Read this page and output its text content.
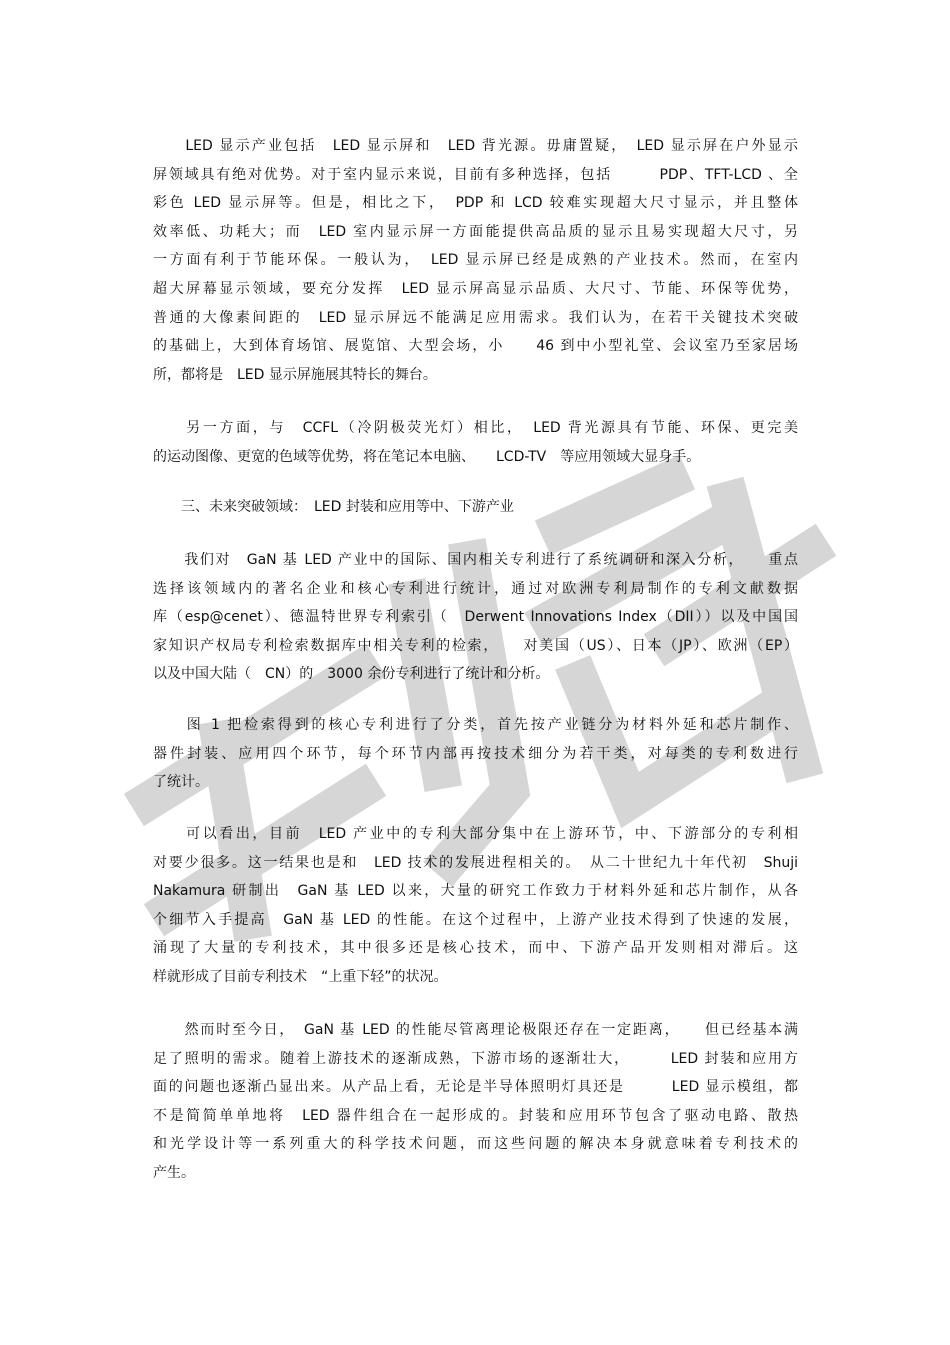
　　LED 显示产业包括　LED 显示屏和　LED 背光源。毋庸置疑，　LED 显示屏在户外显示
屏领域具有绝对优势。对于室内显示来说，目前有多种选择，包括　　　PDP、TFT-LCD 、全
彩色 LED 显示屏等。但是，相比之下，　PDP 和 LCD 较难实现超大尺寸显示，并且整体
效率低、功耗大；而　LED 室内显示屏一方面能提供高品质的显示且易实现超大尺寸，另
一方面有利于节能环保。一般认为，　LED 显示屏已经是成熟的产业技术。然而，在室内
超大屏幕显示领域，要充分发挥　LED 显示屏高显示品质、大尺寸、节能、环保等优势，
普通的大像素间距的　LED 显示屏远不能满足应用需求。我们认为，在若干关键技术突破
的基础上，大到体育场馆、展览馆、大型会场，小　　46 到中小型礼堂、会议室乃至家居场
所，都将是　LED 显示屏施展其特长的舞台。
　　另一方面，与　CCFL（冷阴极荧光灯）相比，　LED 背光源具有节能、环保、更完美
的运动图像、更宽的色域等优势，将在笔记本电脑、　　LCD-TV　等应用领域大显身手。
　　三、未来突破领域：　LED 封装和应用等中、下游产业
　　我们对　GaN 基 LED 产业中的国际、国内相关专利进行了系统调研和深入分析，　　重点
选择该领域内的著名企业和核心专利进行统计，通过对欧洲专利局制作的专利文献数据
库（esp@cenet）、德温特世界专利索引（　Derwent Innovations Index（DII））以及中国国
家知识产权局专利检索数据库中相关专利的检索，　　对美国（US）、日本（JP）、欧洲（EP）
以及中国大陆（　CN）的　3000 余份专利进行了统计和分析。
　　图 1 把检索得到的核心专利进行了分类，首先按产业链分为材料外延和芯片制作、
器件封装、应用四个环节，每个环节内部再按技术细分为若干类，对每类的专利数进行
了统计。
　　可以看出，目前　LED 产业中的专利大部分集中在上游环节，中、下游部分的专利相
对要少很多。这一结果也是和　LED 技术的发展进程相关的。　从二十世纪九十年代初　Shuji
Nakamura 研制出　GaN 基 LED 以来，大量的研究工作致力于材料外延和芯片制作，从各
个细节入手提高　GaN 基 LED 的性能。在这个过程中，上游产业技术得到了快速的发展，
涌现了大量的专利技术，其中很多还是核心技术，而中、下游产品开发则相对滞后。这
样就形成了目前专利技术　“上重下轻”的状况。
　　然而时至今日，　GaN 基 LED 的性能尽管离理论极限还存在一定距离，　　但已经基本满
足了照明的需求。随着上游技术的逐渐成熟，下游市场的逐渐壮大，　　　LED 封装和应用方
面的问题也逐渐凸显出来。从产品上看，无论是半导体照明灯具还是　　　LED 显示模组，都
不是简简单单地将　LED 器件组合在一起形成的。封装和应用环节包含了驱动电路、散热
和光学设计等一系列重大的科学技术问题，而这些问题的解决本身就意味着专利技术的
产生。
